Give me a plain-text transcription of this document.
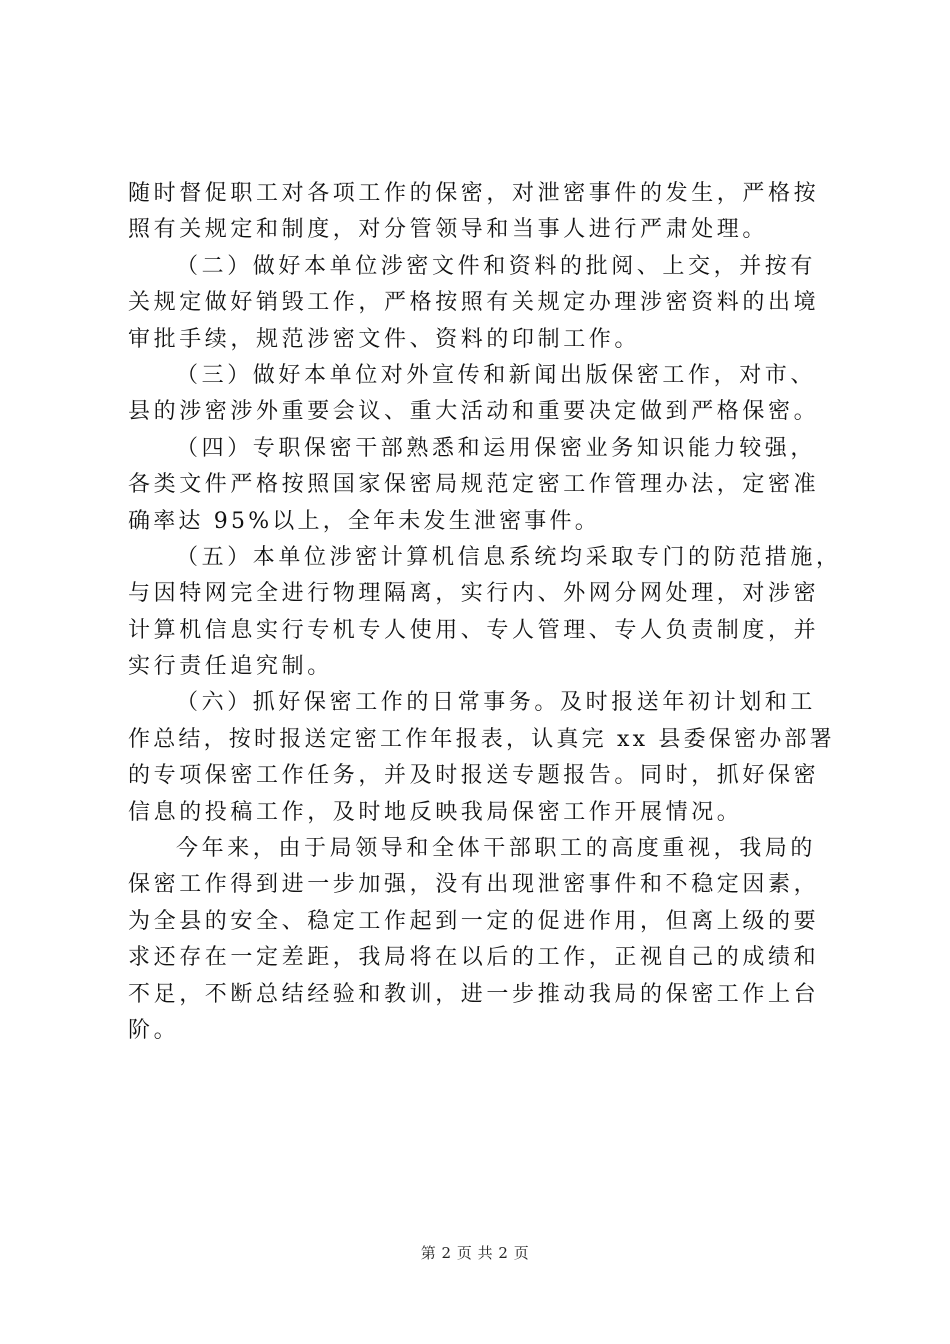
随时督促职工对各项工作的保密，对泄密事件的发生，严格按
照有关规定和制度，对分管领导和当事人进行严肃处理。
（二）做好本单位涉密文件和资料的批阅、上交，并按有
关规定做好销毁工作，严格按照有关规定办理涉密资料的出境
审批手续，规范涉密文件、资料的印制工作。
（三）做好本单位对外宣传和新闻出版保密工作，对市、
县的涉密涉外重要会议、重大活动和重要决定做到严格保密。
（四）专职保密干部熟悉和运用保密业务知识能力较强，
各类文件严格按照国家保密局规范定密工作管理办法，定密准
确率达 95%以上，全年未发生泄密事件。
（五）本单位涉密计算机信息系统均采取专门的防范措施，
与因特网完全进行物理隔离，实行内、外网分网处理，对涉密
计算机信息实行专机专人使用、专人管理、专人负责制度，并
实行责任追究制。
（六）抓好保密工作的日常事务。及时报送年初计划和工
作总结，按时报送定密工作年报表，认真完 xx 县委保密办部署
的专项保密工作任务，并及时报送专题报告。同时，抓好保密
信息的投稿工作，及时地反映我局保密工作开展情况。
今年来，由于局领导和全体干部职工的高度重视，我局的
保密工作得到进一步加强，没有出现泄密事件和不稳定因素，
为全县的安全、稳定工作起到一定的促进作用，但离上级的要
求还存在一定差距，我局将在以后的工作，正视自己的成绩和
不足，不断总结经验和教训，进一步推动我局的保密工作上台
阶。
第 2 页 共 2 页
